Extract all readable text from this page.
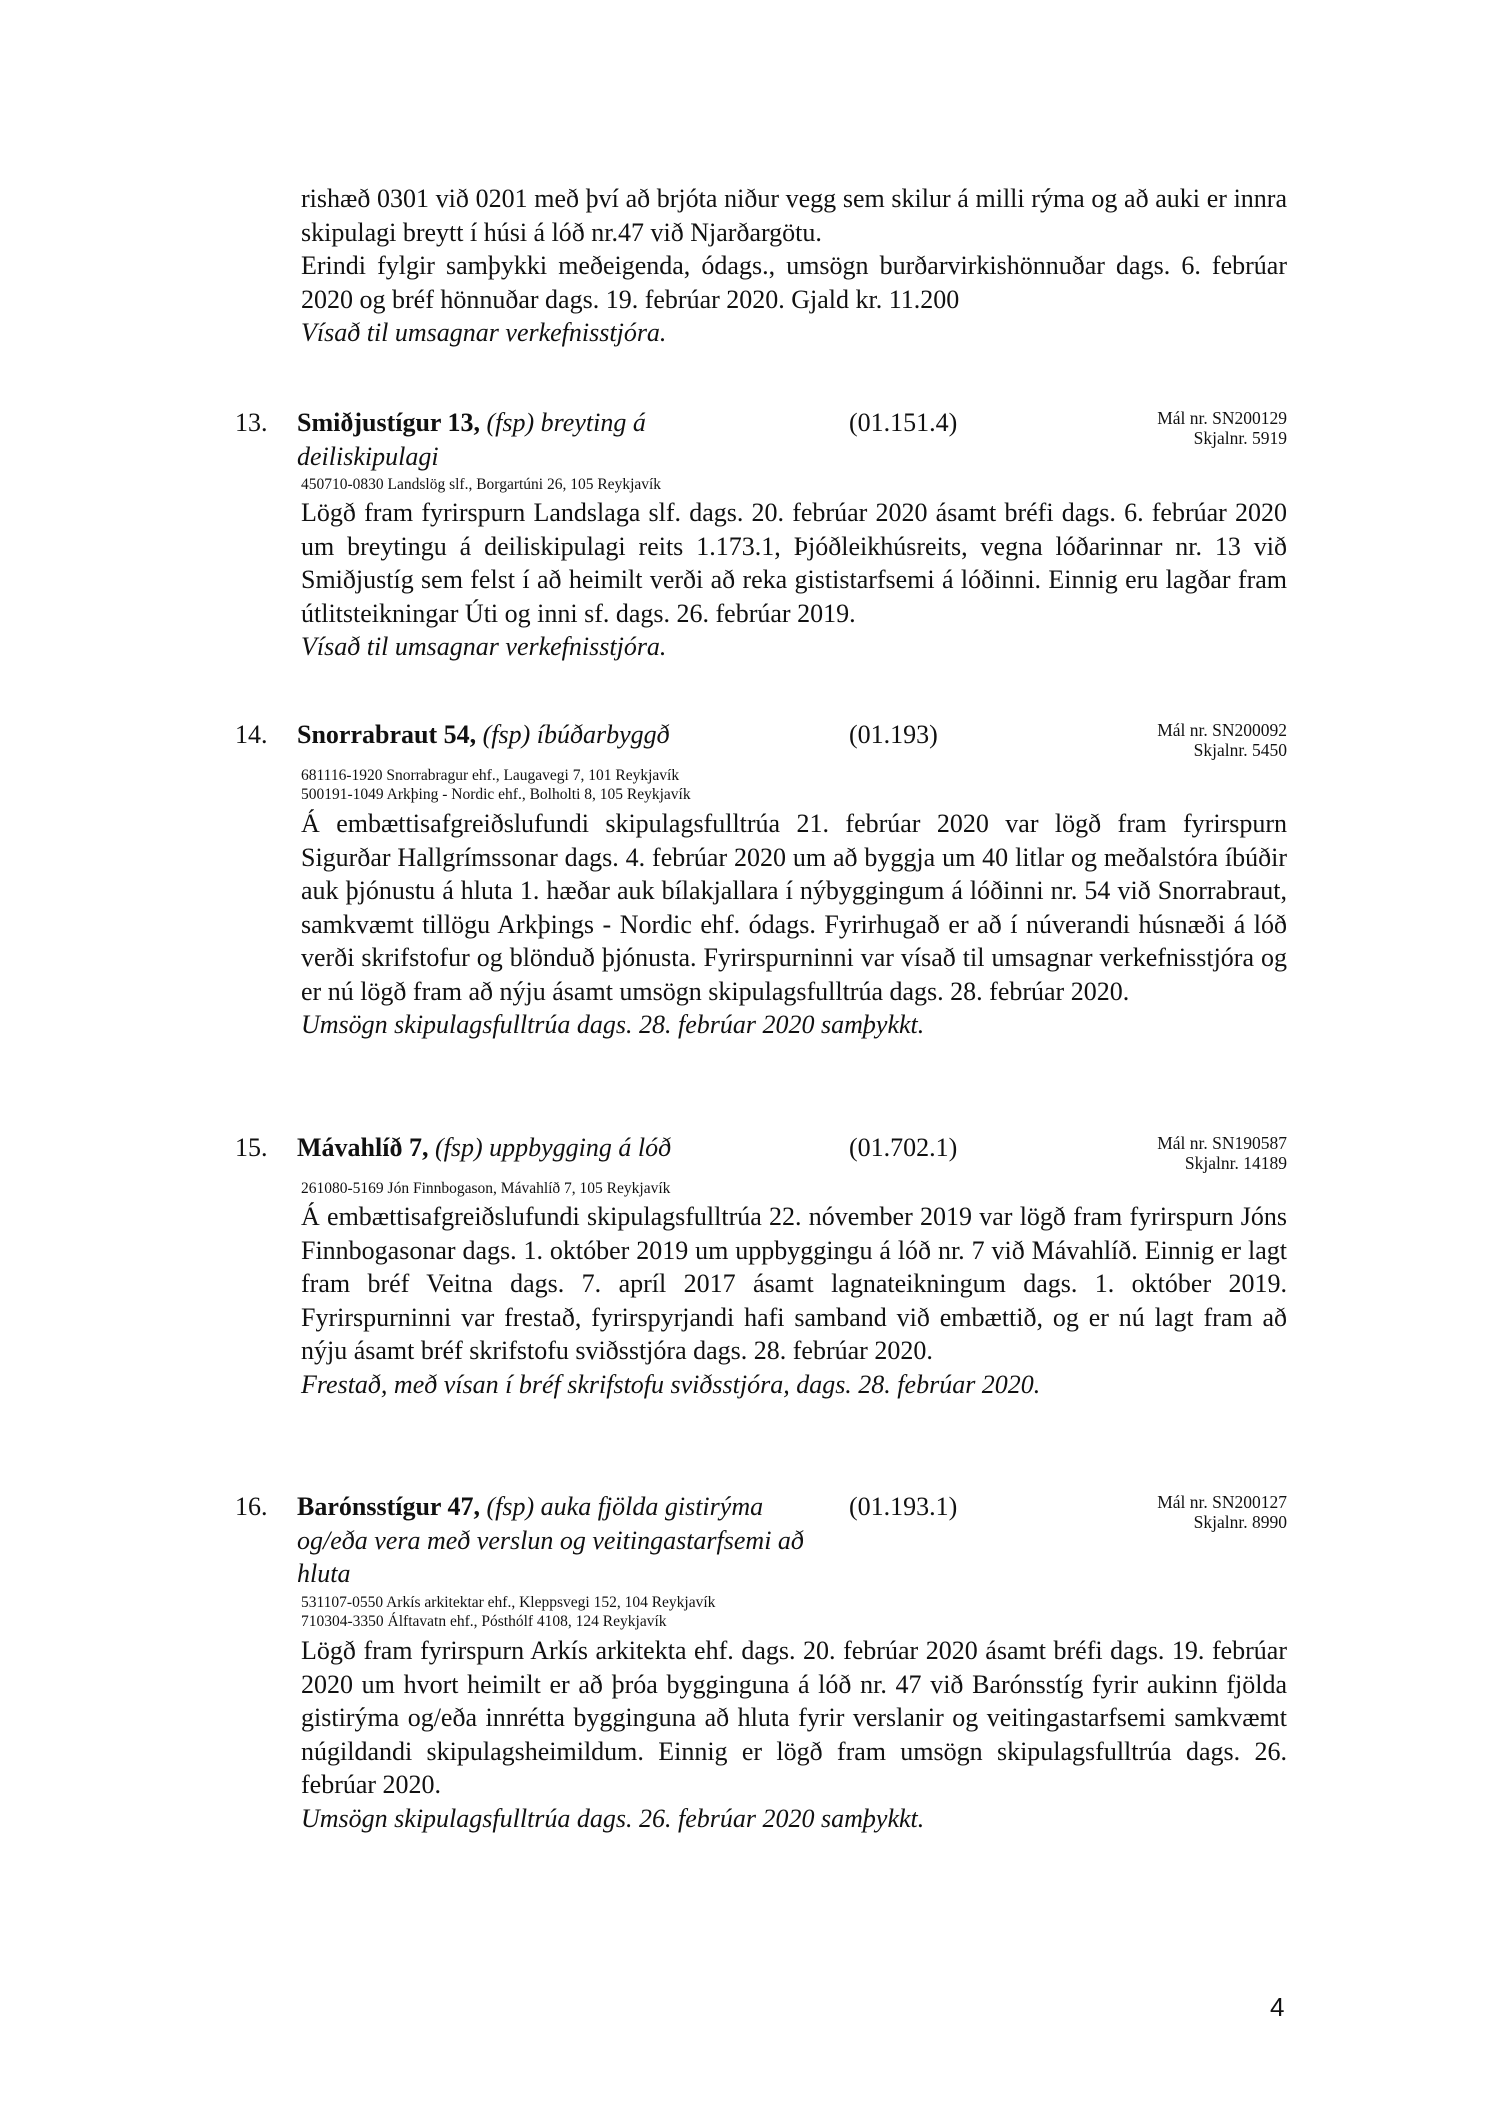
rishæð 0301 við 0201 með því að brjóta niður vegg sem skilur á milli rýma og að auki er innra skipulagi breytt í húsi á lóð nr.47 við Njarðargötu.
Erindi fylgir samþykki meðeigenda, ódags., umsögn burðarvirkishönnuðar dags. 6. febrúar 2020 og bréf hönnuðar dags. 19. febrúar 2020. Gjald kr. 11.200
Vísað til umsagnar verkefnisstjóra.
13. Smiðjustígur 13, (fsp) breyting á deiliskipulagi
(01.151.4)	Mál nr. SN200129
Skjalnr. 5919
450710-0830 Landslög slf., Borgartúni 26, 105 Reykjavík
Lögð fram fyrirspurn Landslaga slf. dags. 20. febrúar 2020 ásamt bréfi dags. 6. febrúar 2020 um breytingu á deiliskipulagi reits 1.173.1, Þjóðleikhúsreits, vegna lóðarinnar nr. 13 við Smiðjustíg sem felst í að heimilt verði að reka gististarfsemi á lóðinni. Einnig eru lagðar fram útlitsteikningar Úti og inni sf. dags. 26. febrúar 2019.
Vísað til umsagnar verkefnisstjóra.
14. Snorrabraut 54, (fsp) íbúðarbyggð	(01.193)	Mál nr. SN200092
Skjalnr. 5450
681116-1920 Snorrabragur ehf., Laugavegi 7, 101 Reykjavík
500191-1049 Arkþing - Nordic ehf., Bolholti 8, 105 Reykjavík
Á embættisafgreiðslufundi skipulagsfulltrúa 21. febrúar 2020 var lögð fram fyrirspurn Sigurðar Hallgrímssonar dags. 4. febrúar 2020 um að byggja um 40 litlar og meðalstóra íbúðir auk þjónustu á hluta 1. hæðar auk bílakjallara í nýbyggingum á lóðinni nr. 54 við Snorrabraut, samkvæmt tillögu Arkþings - Nordic ehf. ódags. Fyrirhugað er að í núverandi húsnæði á lóð verði skrifstofur og blönduð þjónusta. Fyrirspurninni var vísað til umsagnar verkefnisstjóra og er nú lögð fram að nýju ásamt umsögn skipulagsfulltrúa dags. 28. febrúar 2020.
Umsögn skipulagsfulltrúa dags. 28. febrúar 2020 samþykkt.
15. Mávahlíð 7, (fsp) uppbygging á lóð	(01.702.1)	Mál nr. SN190587
Skjalnr. 14189
261080-5169 Jón Finnbogason, Mávahlíð 7, 105 Reykjavík
Á embættisafgreiðslufundi skipulagsfulltrúa 22. nóvember 2019 var lögð fram fyrirspurn Jóns Finnbogasonar dags. 1. október 2019 um uppbyggingu á lóð nr. 7 við Mávahlíð. Einnig er lagt fram bréf Veitna dags. 7. apríl 2017 ásamt lagnateikningum dags. 1. október 2019. Fyrirspurninni var frestað, fyrirspyrjandi hafi samband við embættið, og er nú lagt fram að nýju ásamt bréf skrifstofu sviðsstjóra dags. 28. febrúar 2020.
Frestað, með vísan í bréf skrifstofu sviðsstjóra, dags. 28. febrúar 2020.
16. Barónsstígur 47, (fsp) auka fjölda gistirýma og/eða vera með verslun og veitingastarfsemi að hluta
(01.193.1)	Mál nr. SN200127
Skjalnr. 8990
531107-0550 Arkís arkitektar ehf., Kleppsvegi 152, 104 Reykjavík
710304-3350 Álftavatn ehf., Pósthólf 4108, 124 Reykjavík
Lögð fram fyrirspurn Arkís arkitekta ehf. dags. 20. febrúar 2020 ásamt bréfi dags. 19. febrúar 2020 um hvort heimilt er að þróa bygginguna á lóð nr. 47 við Barónsstíg fyrir aukinn fjölda gistirýma og/eða innrétta bygginguna að hluta fyrir verslanir og veitingastarfsemi samkvæmt núgildandi skipulagsheimildum. Einnig er lögð fram umsögn skipulagsfulltrúa dags. 26. febrúar 2020.
Umsögn skipulagsfulltrúa dags. 26. febrúar 2020 samþykkt.
4
